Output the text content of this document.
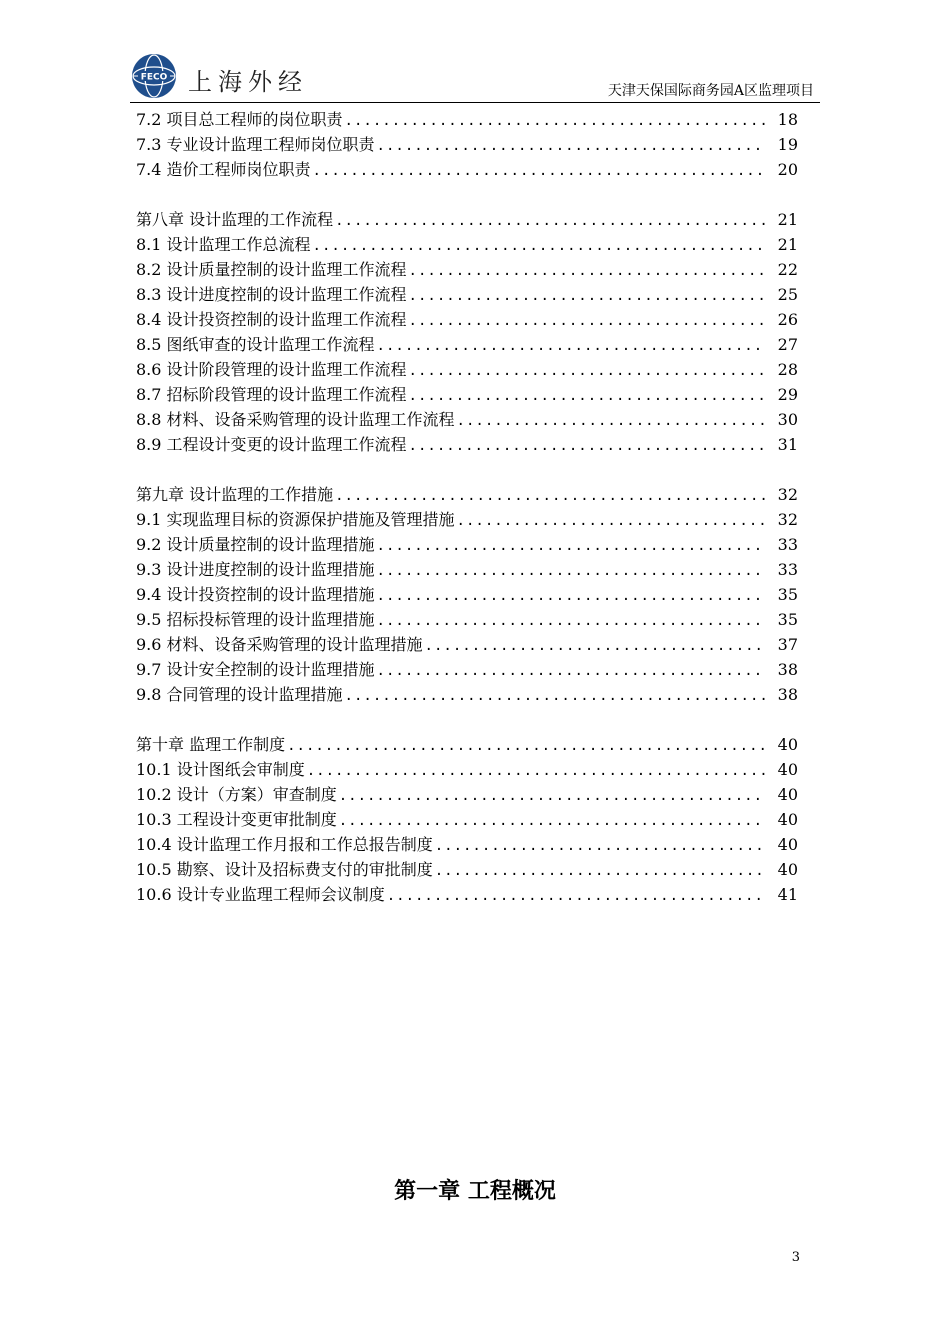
FECO 上海外经	天津天保国际商务园A区监理项目
7.2 项目总工程师的岗位职责 .....	18
7.3 专业设计监理工程师岗位职责 .....	19
7.4 造价工程师岗位职责 .....	20
第八章 设计监理的工作流程 .....	21
8.1 设计监理工作总流程 .....	21
8.2 设计质量控制的设计监理工作流程 .....	22
8.3 设计进度控制的设计监理工作流程 .....	25
8.4 设计投资控制的设计监理工作流程 .....	26
8.5 图纸审查的设计监理工作流程 .....	27
8.6 设计阶段管理的设计监理工作流程 .....	28
8.7 招标阶段管理的设计监理工作流程 .....	29
8.8 材料、设备采购管理的设计监理工作流程 .....	30
8.9 工程设计变更的设计监理工作流程 .....	31
第九章 设计监理的工作措施 .....	32
9.1 实现监理目标的资源保护措施及管理措施 .....	32
9.2 设计质量控制的设计监理措施 .....	33
9.3 设计进度控制的设计监理措施 .....	33
9.4 设计投资控制的设计监理措施 .....	35
9.5 招标投标管理的设计监理措施 .....	35
9.6 材料、设备采购管理的设计监理措施 .....	37
9.7 设计安全控制的设计监理措施 .....	38
9.8 合同管理的设计监理措施 .....	38
第十章 监理工作制度 .....	40
10.1 设计图纸会审制度 .....	40
10.2 设计（方案）审查制度 .....	40
10.3 工程设计变更审批制度 .....	40
10.4 设计监理工作月报和工作总报告制度 .....	40
10.5 勘察、设计及招标费支付的审批制度 .....	40
10.6 设计专业监理工程师会议制度 .....	41
第一章 工程概况
3
